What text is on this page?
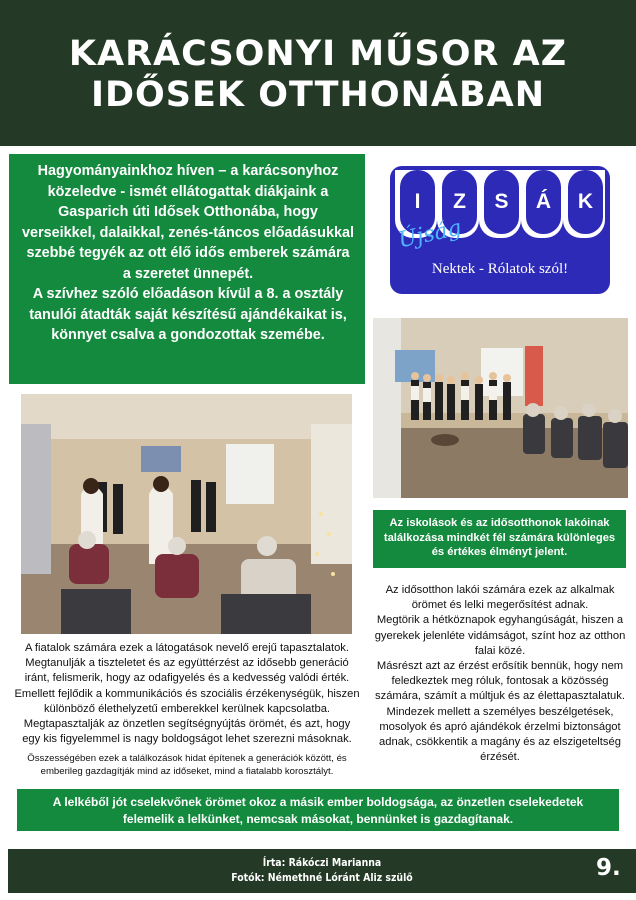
KARÁCSONYI MŰSOR AZ
IDŐSEK OTTHONÁBAN

Hagyományainkhoz híven – a karácsonyhoz közeledve - ismét ellátogattak diákjaink a Gasparich úti Idősek Otthonába, hogy verseikkel, dalaikkal, zenés-táncos előadásukkal szebbé tegyék az ott élő idős emberek számára a szeretet ünnepét.

A szívhez szóló előadáson kívül a 8. a osztály tanulói átadták saját készítésű ajándékaikat is, könnyet csalva a gondozottak szemébe.

I	Z	S	Á	K
Újság
Nektek - Rólatok szól!
Az iskolások és az idősotthonok lakóinak találkozása mindkét fél számára különleges és értékes élményt jelent.

Az idősotthon lakói számára ezek az alkalmak örömet és lelki megerősítést adnak.

Megtörik a hétköznapok egyhangúságát, hiszen a gyerekek jelenléte vidámságot, színt hoz az otthon falai közé.

Másrészt azt az érzést erősítik bennük, hogy nem feledkeztek meg róluk, fontosak a közösség számára, számít a múltjuk és az élettapasztalatuk.

Mindezek mellett a személyes beszélgetések, mosolyok és apró ajándékok érzelmi biztonságot adnak, csökkentik a magány és az elszigeteltség érzését.

A fiatalok számára ezek a látogatások nevelő erejű tapasztalatok. Megtanulják a tiszteletet és az együttérzést az idősebb generáció iránt, felismerik, hogy az odafigyelés és a kedvesség valódi érték. Emellett fejlődik a kommunikációs és szociális érzékenységük, hiszen különböző élethelyzetű emberekkel kerülnek kapcsolatba. Megtapasztalják az önzetlen segítségnyújtás örömét, és azt, hogy egy kis figyelemmel is nagy boldogságot lehet szerezni másoknak.

Összességében ezek a találkozások hidat építenek a generációk között, és emberileg gazdagítják mind az időseket, mind a fiatalabb korosztályt.
A lelkéből jót cselekvőnek örömet okoz a másik ember boldogsága, az önzetlen cselekedetek felemelik a lelkünket, nemcsak másokat, bennünket is gazdagítanak.
Írta: Rákóczi Marianna
Fotók: Némethné Lóránt Aliz szülő	9.
